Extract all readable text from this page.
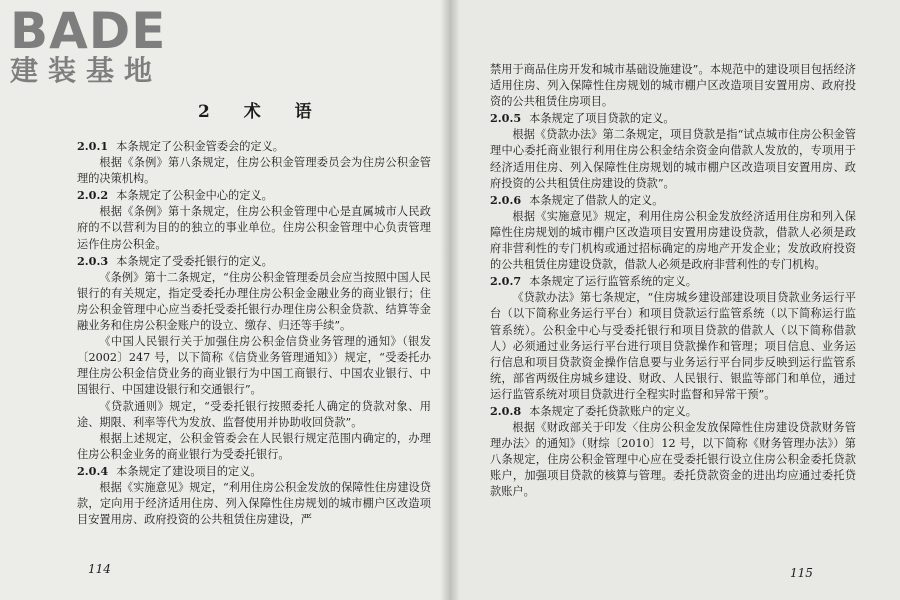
BADE
建装基地
2 术 语

2.0.1 本条规定了公积金管委会的定义。

根据《条例》第八条规定，住房公积金管理委员会为住房公积金管理的决策机构。

2.0.2 本条规定了公积金中心的定义。

根据《条例》第十条规定，住房公积金管理中心是直属城市人民政府的不以营利为目的的独立的事业单位。住房公积金管理中心负责管理运作住房公积金。

2.0.3 本条规定了受委托银行的定义。

《条例》第十二条规定，“住房公积金管理委员会应当按照中国人民银行的有关规定，指定受委托办理住房公积金金融业务的商业银行；住房公积金管理中心应当委托受委托银行办理住房公积金贷款、结算等金融业务和住房公积金账户的设立、缴存、归还等手续”。

《中国人民银行关于加强住房公积金信贷业务管理的通知》（银发〔2002〕247 号，以下简称《信贷业务管理通知》）规定，“受委托办理住房公积金信贷业务的商业银行为中国工商银行、中国农业银行、中国银行、中国建设银行和交通银行”。

《贷款通则》规定，“受委托银行按照委托人确定的贷款对象、用途、期限、利率等代为发放、监督使用并协助收回贷款”。

根据上述规定，公积金管委会在人民银行规定范围内确定的，办理住房公积金业务的商业银行为受委托银行。

2.0.4 本条规定了建设项目的定义。

根据《实施意见》规定，“利用住房公积金发放的保障性住房建设贷款，定向用于经济适用住房、列入保障性住房规划的城市棚户区改造项目安置用房、政府投资的公共租赁住房建设，严

114

禁用于商品住房开发和城市基础设施建设”。本规范中的建设项目包括经济适用住房、列入保障性住房规划的城市棚户区改造项目安置用房、政府投资的公共租赁住房项目。

2.0.5 本条规定了项目贷款的定义。

根据《贷款办法》第二条规定，项目贷款是指“试点城市住房公积金管理中心委托商业银行利用住房公积金结余资金向借款人发放的，专项用于经济适用住房、列入保障性住房规划的城市棚户区改造项目安置用房、政府投资的公共租赁住房建设的贷款”。

2.0.6 本条规定了借款人的定义。

根据《实施意见》规定，利用住房公积金发放经济适用住房和列入保障性住房规划的城市棚户区改造项目安置用房建设贷款，借款人必须是政府非营利性的专门机构或通过招标确定的房地产开发企业；发放政府投资的公共租赁住房建设贷款，借款人必须是政府非营利性的专门机构。

2.0.7 本条规定了运行监管系统的定义。

《贷款办法》第七条规定，“住房城乡建设部建设项目贷款业务运行平台（以下简称业务运行平台）和项目贷款运行监管系统（以下简称运行监管系统）。公积金中心与受委托银行和项目贷款的借款人（以下简称借款人）必须通过业务运行平台进行项目贷款操作和管理；项目信息、业务运行信息和项目贷款资金操作信息要与业务运行平台同步反映到运行监管系统，部省两级住房城乡建设、财政、人民银行、银监等部门和单位，通过运行监管系统对项目贷款进行全程实时监督和异常干预”。

2.0.8 本条规定了委托贷款账户的定义。

根据《财政部关于印发〈住房公积金发放保障性住房建设贷款财务管理办法〉的通知》（财综〔2010〕12 号，以下简称《财务管理办法》）第八条规定，住房公积金管理中心应在受委托银行设立住房公积金委托贷款账户，加强项目贷款的核算与管理。委托贷款资金的进出均应通过委托贷款账户。

115
